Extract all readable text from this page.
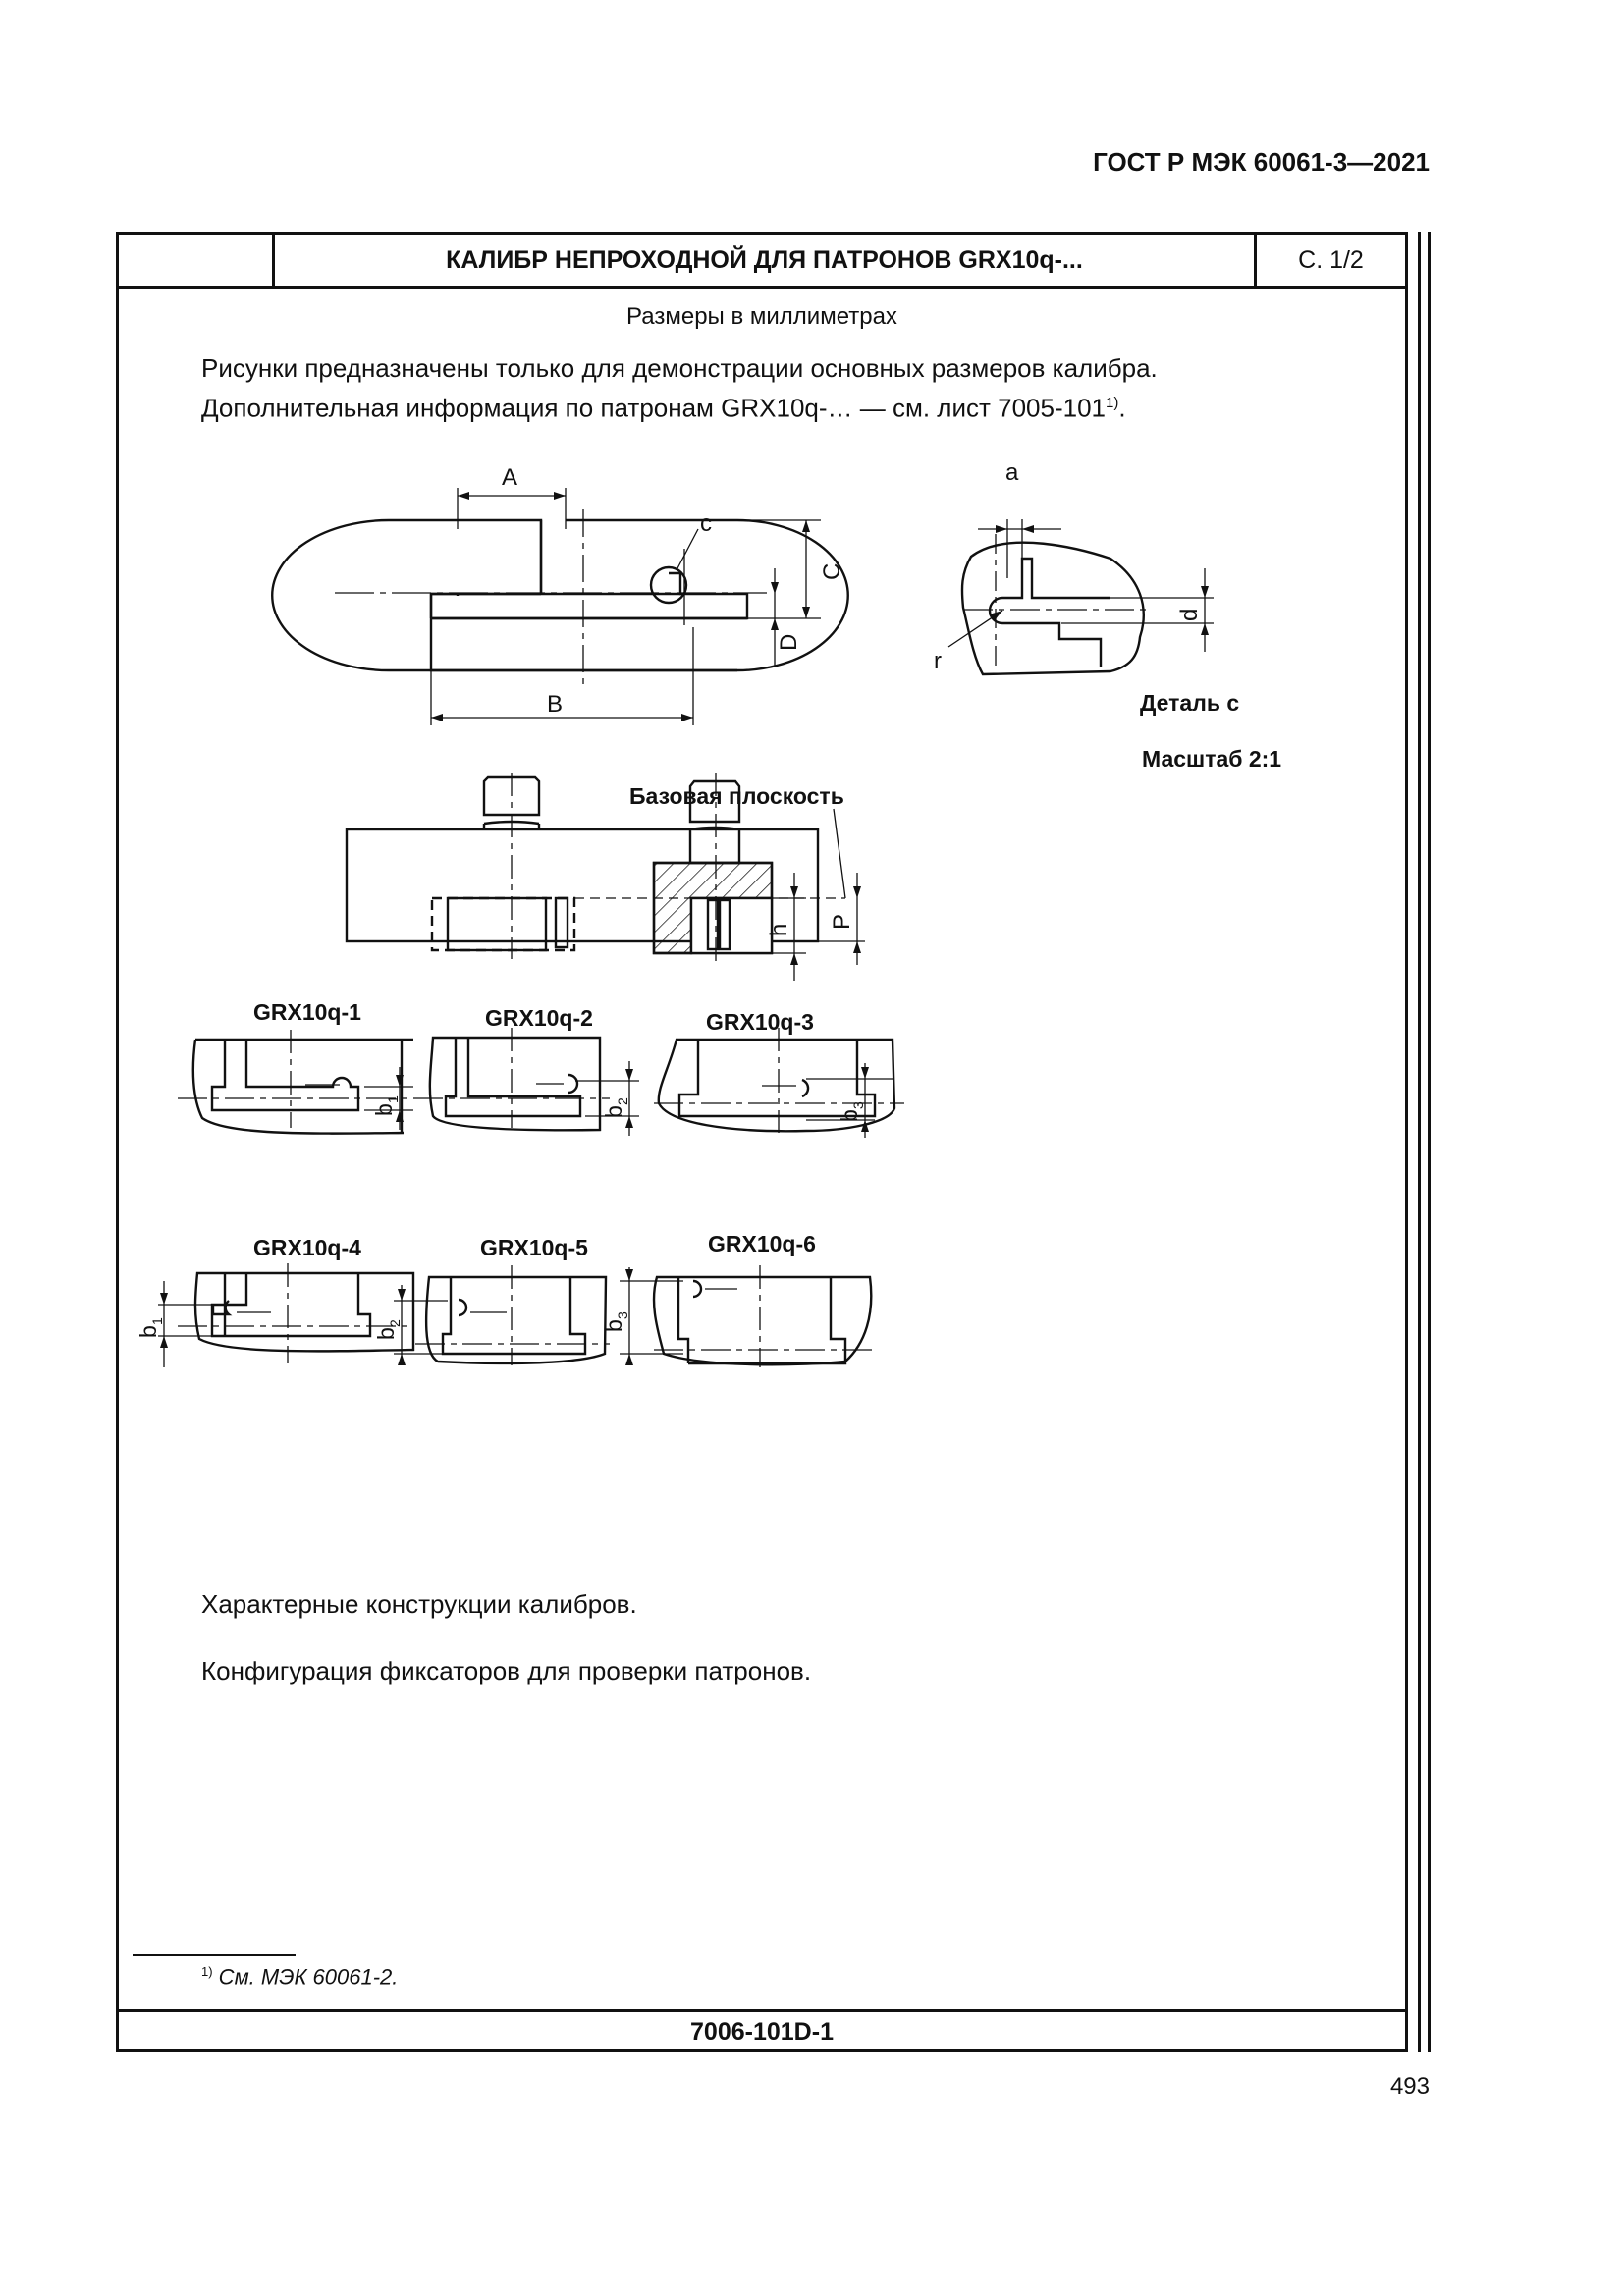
ГОСТ Р МЭК 60061-3—2021
КАЛИБР НЕПРОХОДНОЙ ДЛЯ ПАТРОНОВ GRX10q-...	С. 1/2
Размеры в миллиметрах
Рисунки предназначены только для демонстрации основных размеров калибра.
Дополнительная информация по патронам GRX10q-… — см. лист 7005-101$^{1)}$.
A
B
c
C
D
a
d
r
Деталь с
Масштаб 2:1
Базовая плоскость
P
h
GRX10q-1	GRX10q-2	GRX10q-3
GRX10q-4	GRX10q-5	GRX10q-6
b
1
b
2
b
3
b
1
b
2	b
3
Характерные конструкции калибров.
Конфигурация фиксаторов для проверки патронов.
$^{1)}$ См. МЭК 60061-2.
7006-101D-1
493
